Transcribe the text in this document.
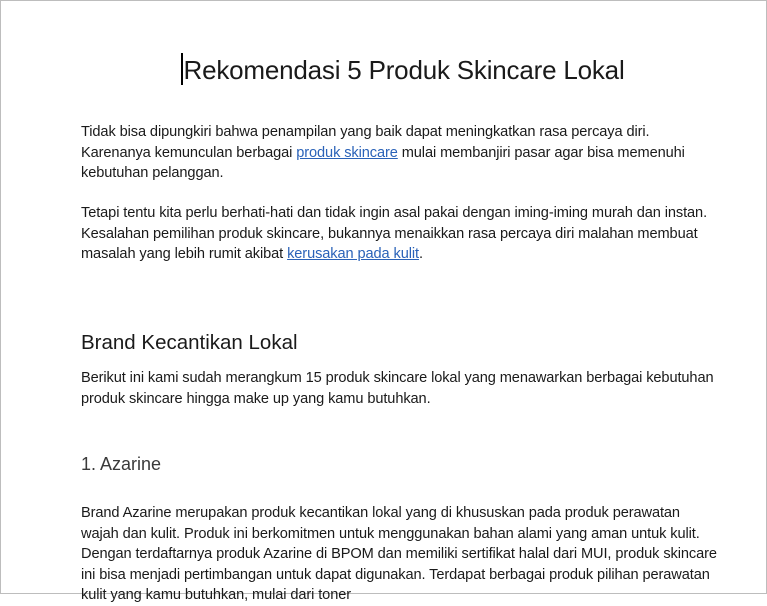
Rekomendasi 5 Produk Skincare Lokal

Tidak bisa dipungkiri bahwa penampilan yang baik dapat meningkatkan rasa percaya diri. Karenanya kemunculan berbagai produk skincare mulai membanjiri pasar agar bisa memenuhi kebutuhan pelanggan.

Tetapi tentu kita perlu berhati-hati dan tidak ingin asal pakai dengan iming-iming murah dan instan. Kesalahan pemilihan produk skincare, bukannya menaikkan rasa percaya diri malahan membuat masalah yang lebih rumit akibat kerusakan pada kulit.

Brand Kecantikan Lokal

Berikut ini kami sudah merangkum 15 produk skincare lokal yang menawarkan berbagai kebutuhan produk skincare hingga make up yang kamu butuhkan.

1. Azarine

Brand Azarine merupakan produk kecantikan lokal yang di khususkan pada produk perawatan wajah dan kulit. Produk ini berkomitmen untuk menggunakan bahan alami yang aman untuk kulit. Dengan terdaftarnya produk Azarine di BPOM dan memiliki sertifikat halal dari MUI, produk skincare ini bisa menjadi pertimbangan untuk dapat digunakan. Terdapat berbagai produk pilihan perawatan kulit yang kamu butuhkan, mulai dari toner
